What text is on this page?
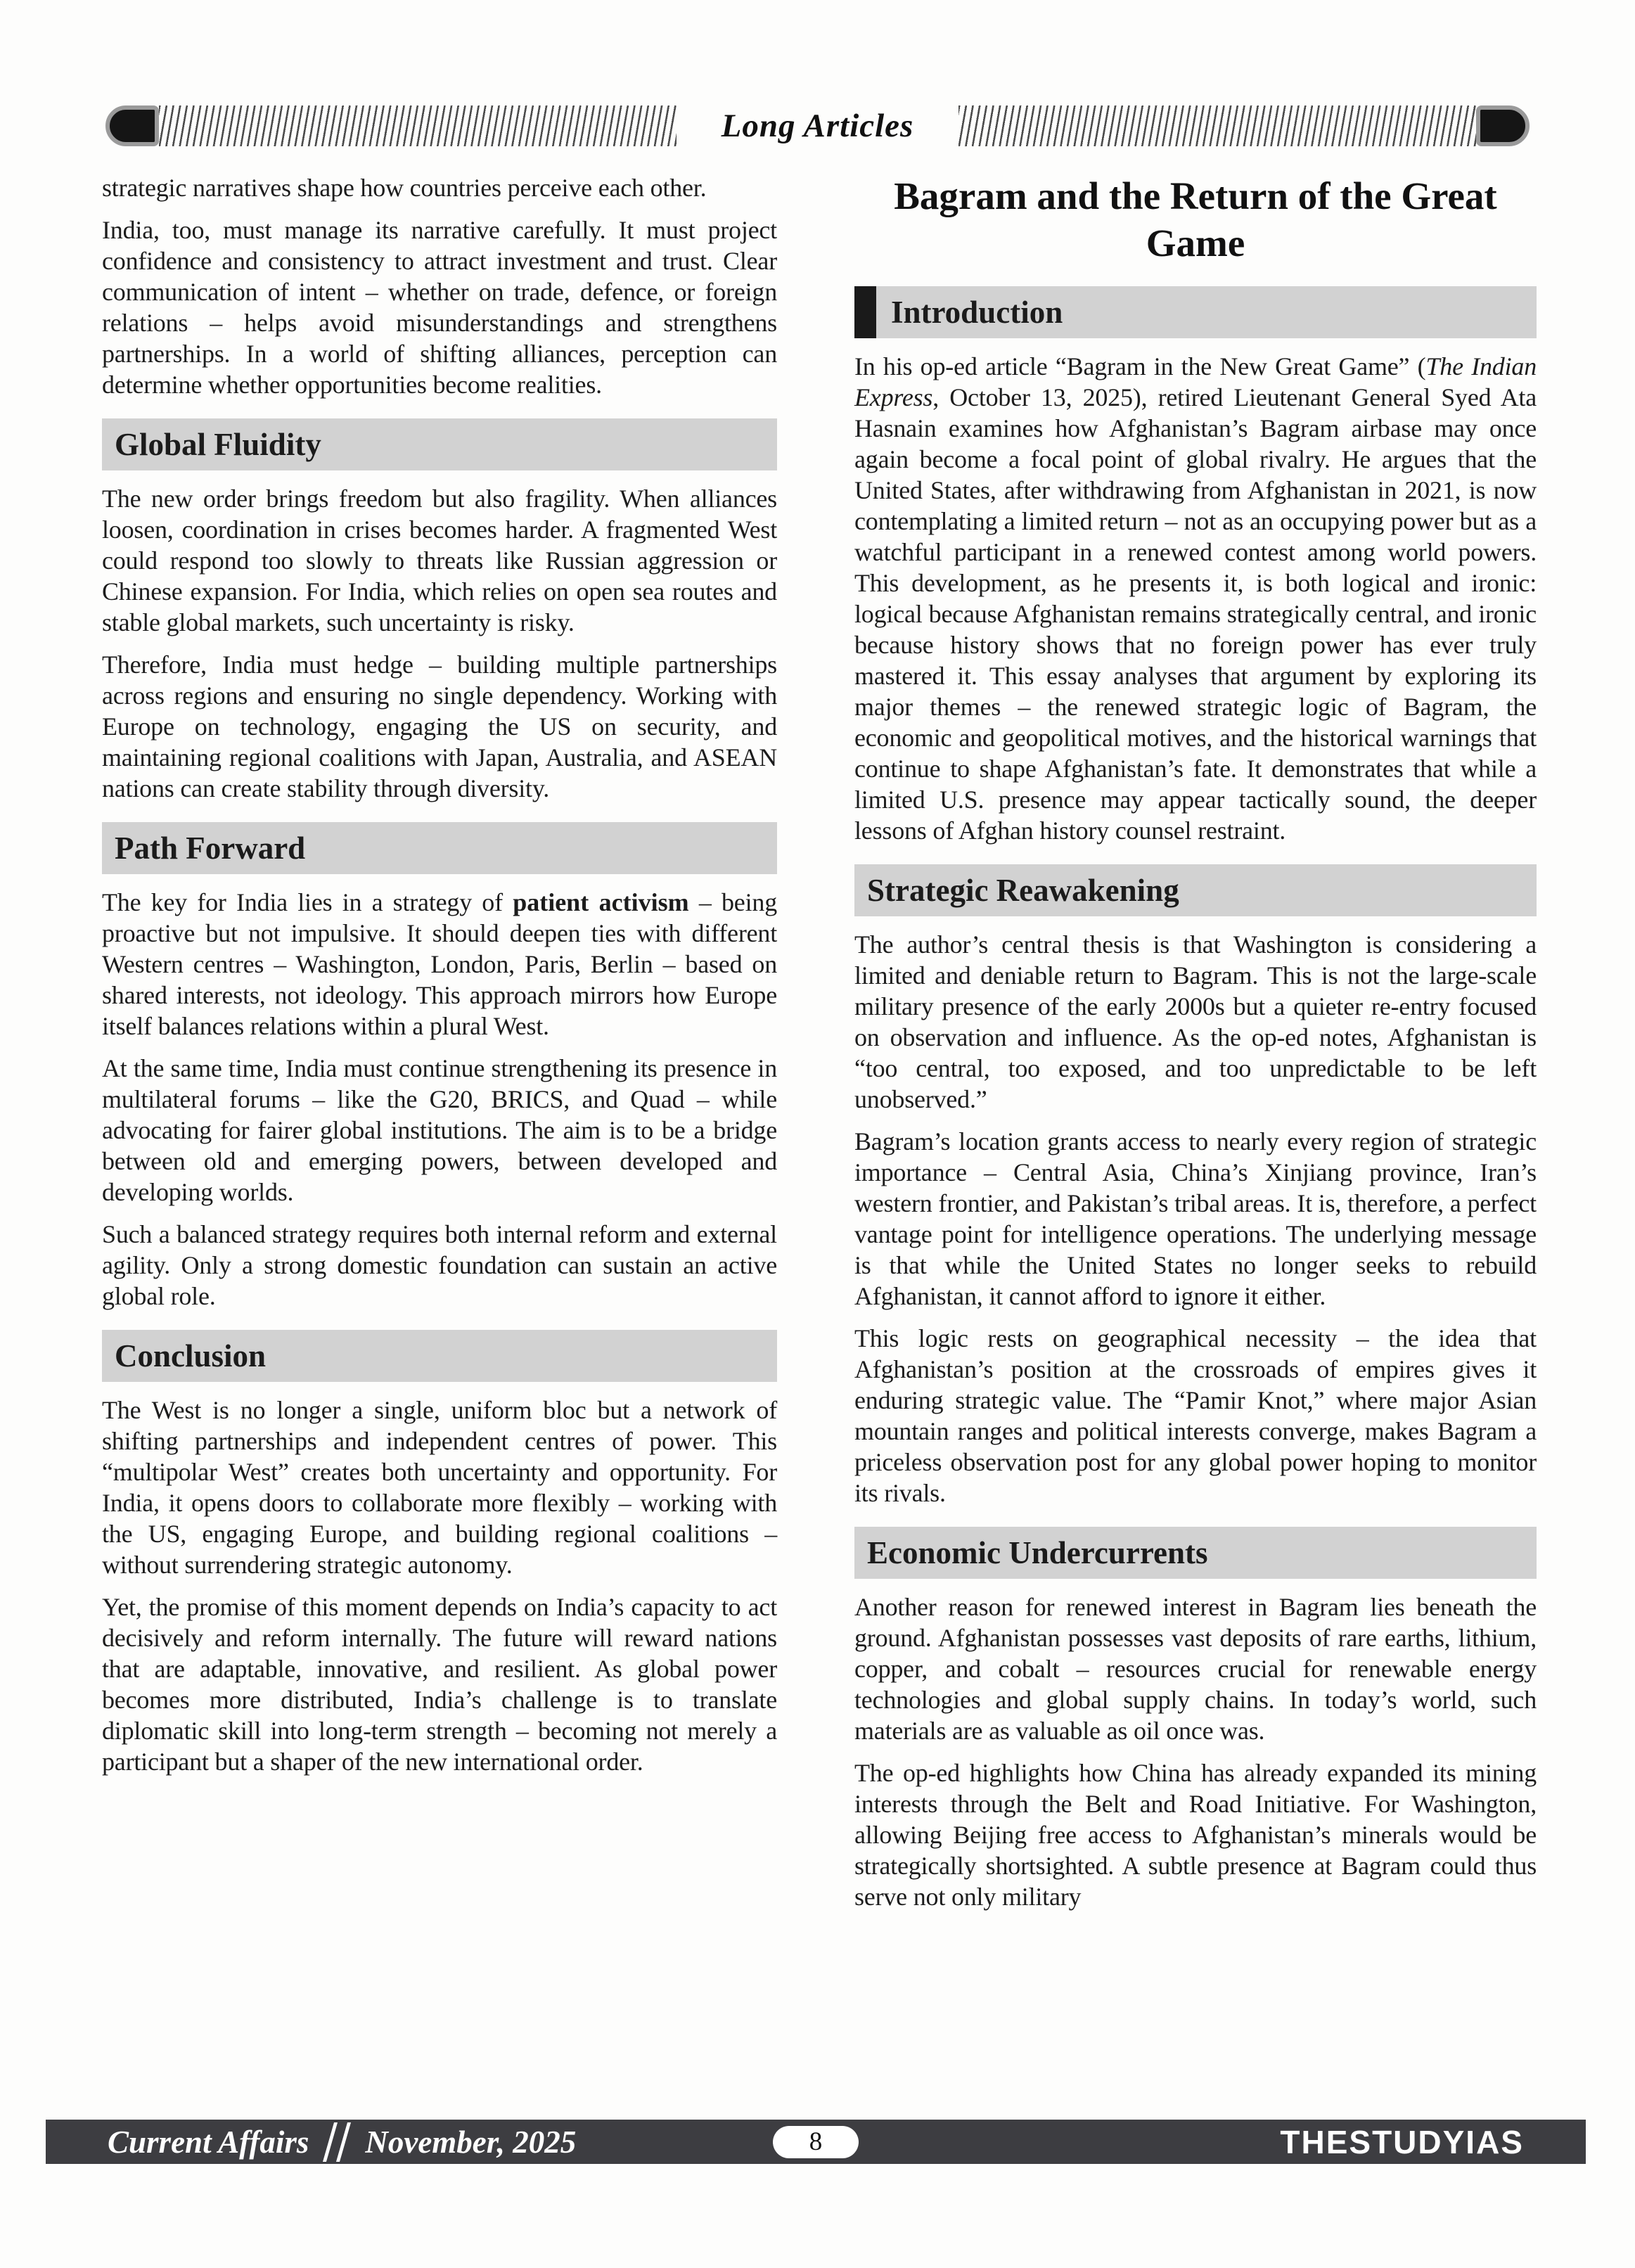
Long Articles

strategic narratives shape how countries perceive each other.

India, too, must manage its narrative carefully. It must project confidence and consistency to attract investment and trust. Clear communication of intent – whether on trade, defence, or foreign relations – helps avoid misunderstandings and strengthens partnerships. In a world of shifting alliances, perception can determine whether opportunities become realities.

Global Fluidity

The new order brings freedom but also fragility. When alliances loosen, coordination in crises becomes harder. A fragmented West could respond too slowly to threats like Russian aggression or Chinese expansion. For India, which relies on open sea routes and stable global markets, such uncertainty is risky.

Therefore, India must hedge – building multiple partnerships across regions and ensuring no single dependency. Working with Europe on technology, engaging the US on security, and maintaining regional coalitions with Japan, Australia, and ASEAN nations can create stability through diversity.

Path Forward

The key for India lies in a strategy of patient activism – being proactive but not impulsive. It should deepen ties with different Western centres – Washington, London, Paris, Berlin – based on shared interests, not ideology. This approach mirrors how Europe itself balances relations within a plural West.

At the same time, India must continue strengthening its presence in multilateral forums – like the G20, BRICS, and Quad – while advocating for fairer global institutions. The aim is to be a bridge between old and emerging powers, between developed and developing worlds.

Such a balanced strategy requires both internal reform and external agility. Only a strong domestic foundation can sustain an active global role.

Conclusion

The West is no longer a single, uniform bloc but a network of shifting partnerships and independent centres of power. This “multipolar West” creates both uncertainty and opportunity. For India, it opens doors to collaborate more flexibly – working with the US, engaging Europe, and building regional coalitions – without surrendering strategic autonomy.

Yet, the promise of this moment depends on India’s capacity to act decisively and reform internally. The future will reward nations that are adaptable, innovative, and resilient. As global power becomes more distributed, India’s challenge is to translate diplomatic skill into long-term strength – becoming not merely a participant but a shaper of the new international order.

Bagram and the Return of the Great Game
Introduction

In his op-ed article “Bagram in the New Great Game” (The Indian Express, October 13, 2025), retired Lieutenant General Syed Ata Hasnain examines how Afghanistan’s Bagram airbase may once again become a focal point of global rivalry. He argues that the United States, after withdrawing from Afghanistan in 2021, is now contemplating a limited return – not as an occupying power but as a watchful participant in a renewed contest among world powers. This development, as he presents it, is both logical and ironic: logical because Afghanistan remains strategically central, and ironic because history shows that no foreign power has ever truly mastered it. This essay analyses that argument by exploring its major themes – the renewed strategic logic of Bagram, the economic and geopolitical motives, and the historical warnings that continue to shape Afghanistan’s fate. It demonstrates that while a limited U.S. presence may appear tactically sound, the deeper lessons of Afghan history counsel restraint.

Strategic Reawakening

The author’s central thesis is that Washington is considering a limited and deniable return to Bagram. This is not the large-scale military presence of the early 2000s but a quieter re-entry focused on observation and influence. As the op-ed notes, Afghanistan is “too central, too exposed, and too unpredictable to be left unobserved.”

Bagram’s location grants access to nearly every region of strategic importance – Central Asia, China’s Xinjiang province, Iran’s western frontier, and Pakistan’s tribal areas. It is, therefore, a perfect vantage point for intelligence operations. The underlying message is that while the United States no longer seeks to rebuild Afghanistan, it cannot afford to ignore it either.

This logic rests on geographical necessity – the idea that Afghanistan’s position at the crossroads of empires gives it enduring strategic value. The “Pamir Knot,” where major Asian mountain ranges and political interests converge, makes Bagram a priceless observation post for any global power hoping to monitor its rivals.

Economic Undercurrents

Another reason for renewed interest in Bagram lies beneath the ground. Afghanistan possesses vast deposits of rare earths, lithium, copper, and cobalt – resources crucial for renewable energy technologies and global supply chains. In today’s world, such materials are as valuable as oil once was.

The op-ed highlights how China has already expanded its mining interests through the Belt and Road Initiative. For Washington, allowing Beijing free access to Afghanistan’s minerals would be strategically shortsighted. A subtle presence at Bagram could thus serve not only military

Current Affairs November, 2025	8	THESTUDYIAS
